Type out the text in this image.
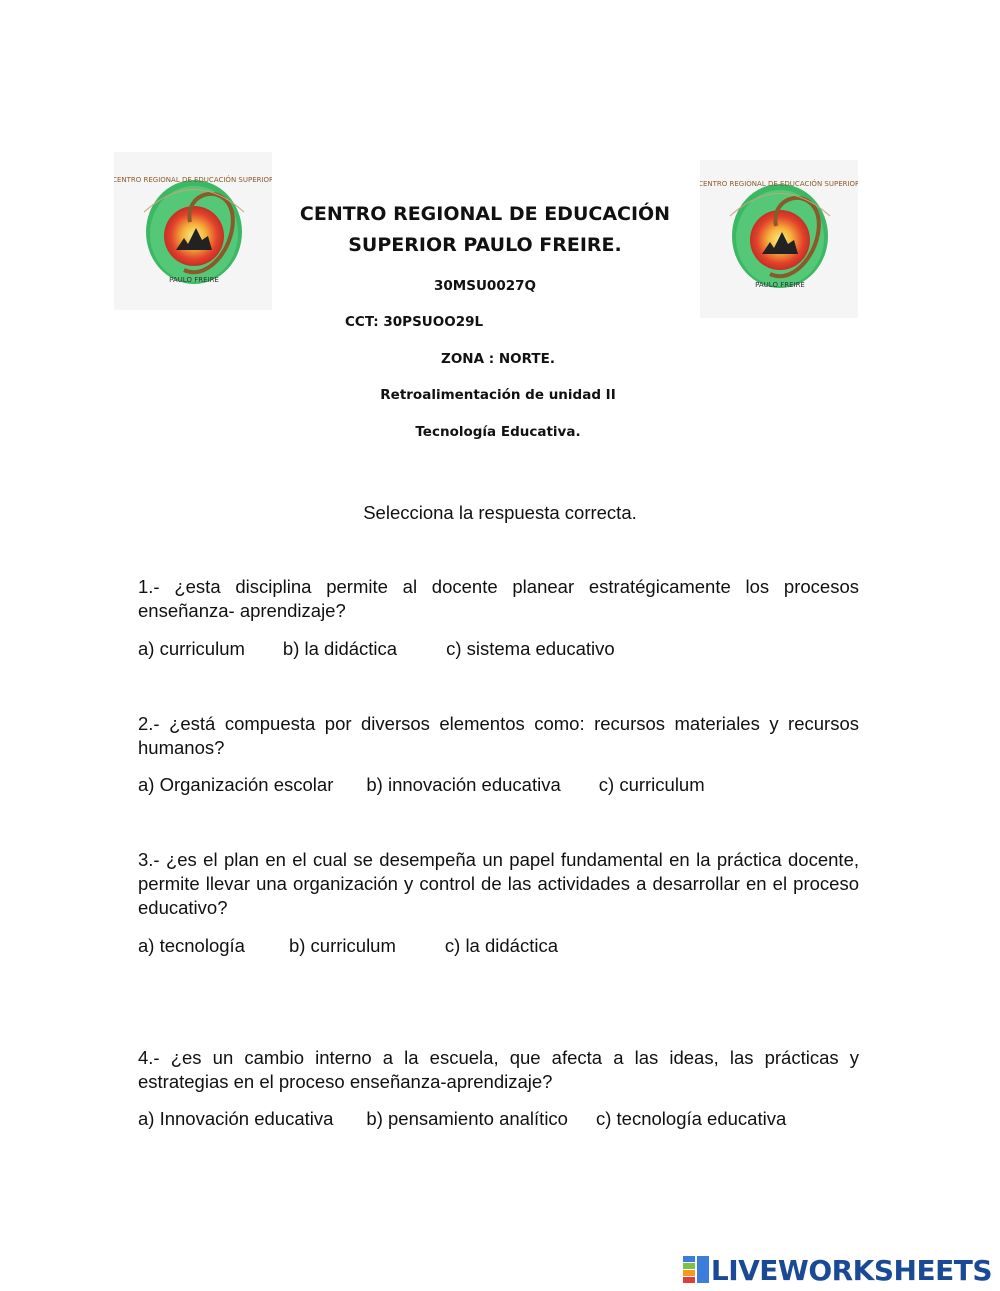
CENTRO REGIONAL DE EDUCACIÓN SUPERIOR
PAULO FREIRE
CENTRO REGIONAL DE EDUCACIÓN SUPERIOR
PAULO FREIRE
CENTRO REGIONAL DE EDUCACIÓN
SUPERIOR PAULO FREIRE.
30MSU0027Q
CCT: 30PSUOO29L
ZONA : NORTE.
Retroalimentación de unidad II
Tecnología Educativa.
Selecciona la respuesta correcta.

1.- ¿esta disciplina permite al docente planear estratégicamente los procesos enseñanza- aprendizaje?

a) curriculum b) la didáctica	c) sistema educativo

2.- ¿está compuesta por diversos elementos como: recursos materiales y recursos humanos?

a) Organización escolar b) innovación educativa c) curriculum

3.- ¿es el plan en el cual se desempeña un papel fundamental en la práctica docente, permite llevar una organización y control de las actividades a desarrollar en el proceso educativo?

a) tecnología b) curriculum	c) la didáctica

4.- ¿es un cambio interno a la escuela, que afecta a las ideas, las prácticas y estrategias en el proceso enseñanza-aprendizaje?

a) Innovación educativa b) pensamiento analítico c) tecnología educativa
LIVEWORKSHEETS
